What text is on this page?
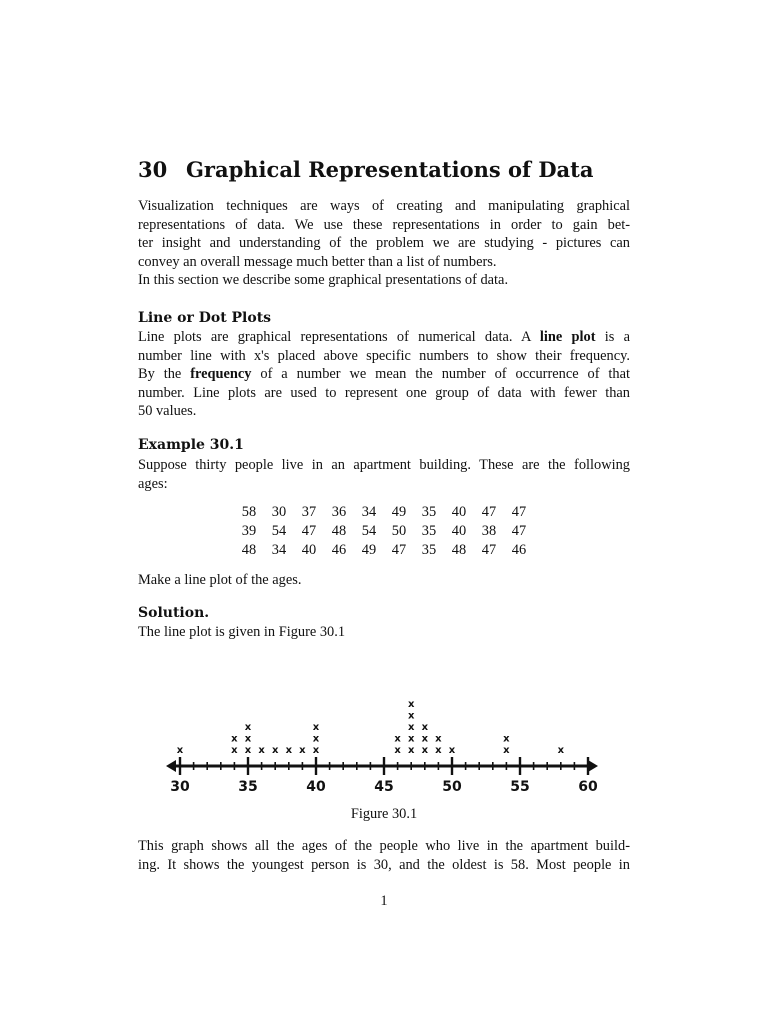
30 Graphical Representations of Data
Visualization techniques are ways of creating and manipulating graphical
representations of data. We use these representations in order to gain bet-
ter insight and understanding of the problem we are studying - pictures can
convey an overall message much better than a list of numbers.
In this section we describe some graphical presentations of data.
Line or Dot Plots
Line plots are graphical representations of numerical data. A line plot is a
number line with x's placed above specific numbers to show their frequency.
By the frequency of a number we mean the number of occurrence of that
number. Line plots are used to represent one group of data with fewer than
50 values.
Example 30.1
Suppose thirty people live in an apartment building. These are the following
ages:
58	30	37	36	34	49	35	40	47	47
39	54	47	48	54	50	35	40	38	47
48	34	40	46	49	47	35	48	47	46
Make a line plot of the ages.
Solution.
The line plot is given in Figure 30.1
x	x
x
x
x
x
x x x x x
x
x
x
x
x
x
x
x
x
x
x
x
x
x
x	x
x
x
30	35	40	45	50	55	60
Figure 30.1
This graph shows all the ages of the people who live in the apartment build-
ing. It shows the youngest person is 30, and the oldest is 58. Most people in
1
